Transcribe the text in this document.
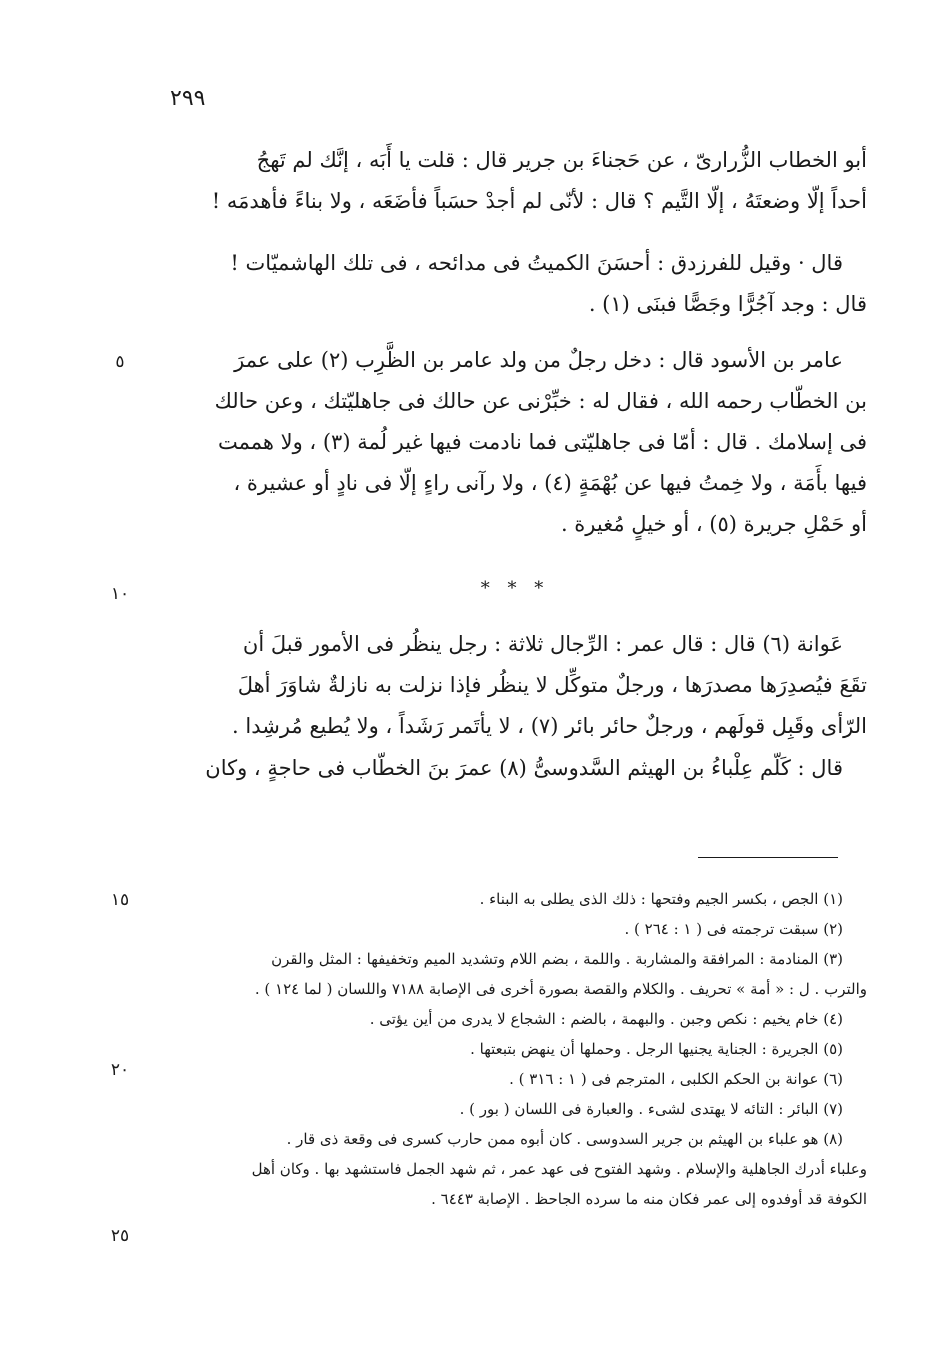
٢٩٩

أبو الخطاب الزُّرارىّ ، عن حَجناءَ بن جرير قال : قلت يا أَبَه ، إنَّك لم تَهجُ
أحداً إلّا وضعتَهُ ، إلّا التَّيم ؟ قال : لأنّى لم أجدْ حسَباً فأضَعَه ، ولا بناءً فأهدمَه !

قال · وقيل للفرزدق : أحسَنَ الكميتُ فى مدائحه ، فى تلك الهاشميّات !
قال : وجد آجُرًّا وجَصًّا فبنَى (١) .

عامر بن الأسود قال : دخل رجلٌ من ولد عامر بن الظَّرِب (٢) على عمرَ
بن الخطّاب رحمه الله ، فقال له : خبِّرْنى عن حالك فى جاهليّتك ، وعن حالك
فى إسلامك . قال : أمّا فى جاهليّتى فما نادمت فيها غير لُمة (٣) ، ولا هممت
فيها بأَمَة ، ولا خِمتُ فيها عن بُهْمَةٍ (٤) ، ولا رآنى راءٍ إلّا فى نادٍ أو عشيرة ،
أو حَمْلِ جريرة (٥) ، أو خيلٍ مُغيرة .

* * *

عَوانة (٦) قال : قال عمر : الرِّجال ثلاثة : رجل ينظُر فى الأمور قبلَ أن
تقَعَ فيُصدِرَها مصدرَها ، ورجلٌ متوكِّل لا ينظُر فإذا نزلت به نازلةٌ شاوَرَ أهلَ
الرّأى وقَبِل قولَهم ، ورجلٌ حائر بائر (٧) ، لا يأتَمر رَشَداً ، ولا يُطيع مُرشِدا .

قال : كَلّم عِلْباءُ بن الهيثم السَّدوسىُّ (٨) عمرَ بنَ الخطّاب فى حاجةٍ ، وكان

٥
١٠
١٥
٢٠
٢٥
(١) الجص ، بكسر الجيم وفتحها : ذلك الذى يطلى به البناء .
(٢) سبقت ترجمته فى ( ١ : ٢٦٤ ) .
(٣) المنادمة : المرافقة والمشاربة . واللمة ، بضم اللام وتشديد الميم وتخفيفها : المثل والقرن
والترب . ل : « أمة » تحريف . والكلام والقصة بصورة أخرى فى الإصابة ٧١٨٨ واللسان ( لما ١٢٤ ) .
(٤) خام يخيم : نكص وجبن . والبهمة ، بالضم : الشجاع لا يدرى من أين يؤتى .
(٥) الجريرة : الجناية يجنيها الرجل . وحملها أن ينهض بتبعتها .
(٦) عوانة بن الحكم الكلبى ، المترجم فى ( ١ : ٣١٦ ) .
(٧) البائر : التائه لا يهتدى لشىء . والعبارة فى اللسان ( بور ) .
(٨) هو علباء بن الهيثم بن جرير السدوسى . كان أبوه ممن حارب كسرى فى وقعة ذى قار .
وعلباء أدرك الجاهلية والإسلام . وشهد الفتوح فى عهد عمر ، ثم شهد الجمل فاستشهد بها . وكان أهل
الكوفة قد أوفدوه إلى عمر فكان منه ما سرده الجاحظ . الإصابة ٦٤٤٣ .
